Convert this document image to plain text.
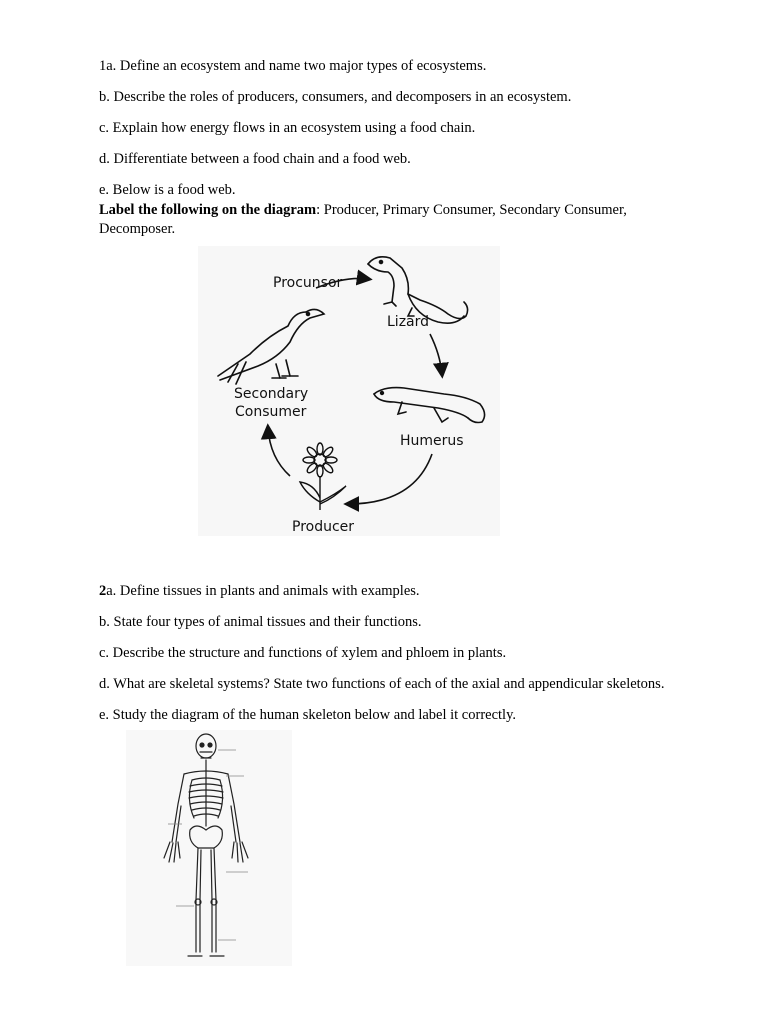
1a. Define an ecosystem and name two major types of ecosystems.
b. Describe the roles of producers, consumers, and decomposers in an ecosystem.
c. Explain how energy flows in an ecosystem using a food chain.
d. Differentiate between a food chain and a food web.
e. Below is a food web.
Label the following on the diagram: Producer, Primary Consumer, Secondary Consumer, Decomposer.
Procunsor
Lizard
Secondary
Consumer
Humerus
Producer
2a. Define tissues in plants and animals with examples.
b. State four types of animal tissues and their functions.
c. Describe the structure and functions of xylem and phloem in plants.
d. What are skeletal systems? State two functions of each of the axial and appendicular skeletons.
e. Study the diagram of the human skeleton below and label it correctly.
